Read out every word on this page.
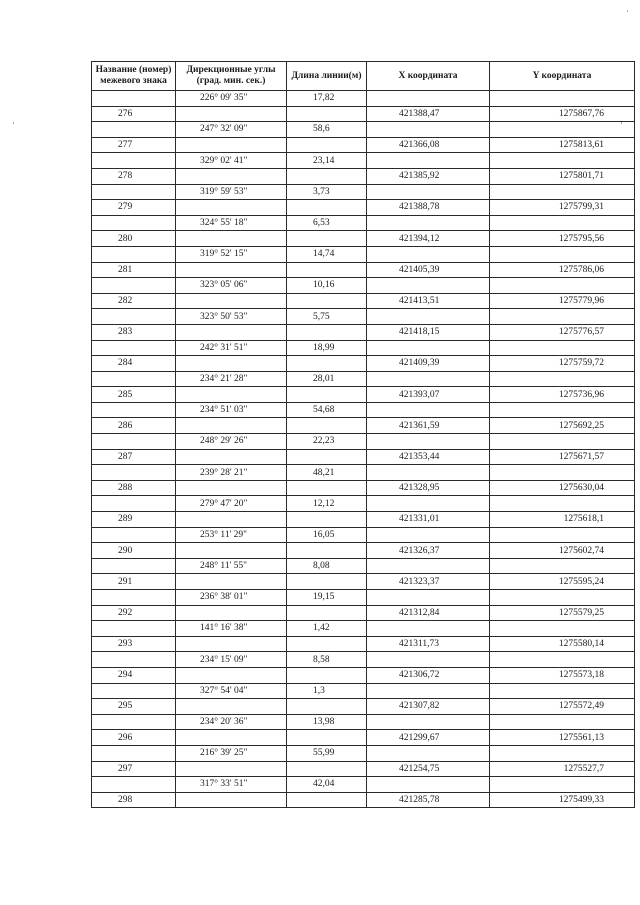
·	·
·
Название (номер) межевого знака	Дирекционные углы (град. мин. сек.)	Длина линии(м)	X координата	Y координата
	226° 09' 35"	17,82		
276			421388,47	1275867,76
	247° 32' 09"	58,6		
277			421366,08	1275813,61
	329° 02' 41"	23,14		
278			421385,92	1275801,71
	319° 59' 53"	3,73		
279			421388,78	1275799,31
	324° 55' 18"	6,53		
280			421394,12	1275795,56
	319° 52' 15"	14,74		
281			421405,39	1275786,06
	323° 05' 06"	10,16		
282			421413,51	1275779,96
	323° 50' 53"	5,75		
283			421418,15	1275776,57
	242° 31' 51"	18,99		
284			421409,39	1275759,72
	234° 21' 28"	28,01		
285			421393,07	1275736,96
	234° 51' 03"	54,68		
286			421361,59	1275692,25
	248° 29' 26"	22,23		
287			421353,44	1275671,57
	239° 28' 21"	48,21		
288			421328,95	1275630,04
	279° 47' 20"	12,12		
289			421331,01	1275618,1
	253° 11' 29"	16,05		
290			421326,37	1275602,74
	248° 11' 55"	8,08		
291			421323,37	1275595,24
	236° 38' 01"	19,15		
292			421312,84	1275579,25
	141° 16' 38"	1,42		
293			421311,73	1275580,14
	234° 15' 09"	8,58		
294			421306,72	1275573,18
	327° 54' 04"	1,3		
295			421307,82	1275572,49
	234° 20' 36"	13,98		
296			421299,67	1275561,13
	216° 39' 25"	55,99		
297			421254,75	1275527,7
	317° 33' 51"	42,04		
298			421285,78	1275499,33
